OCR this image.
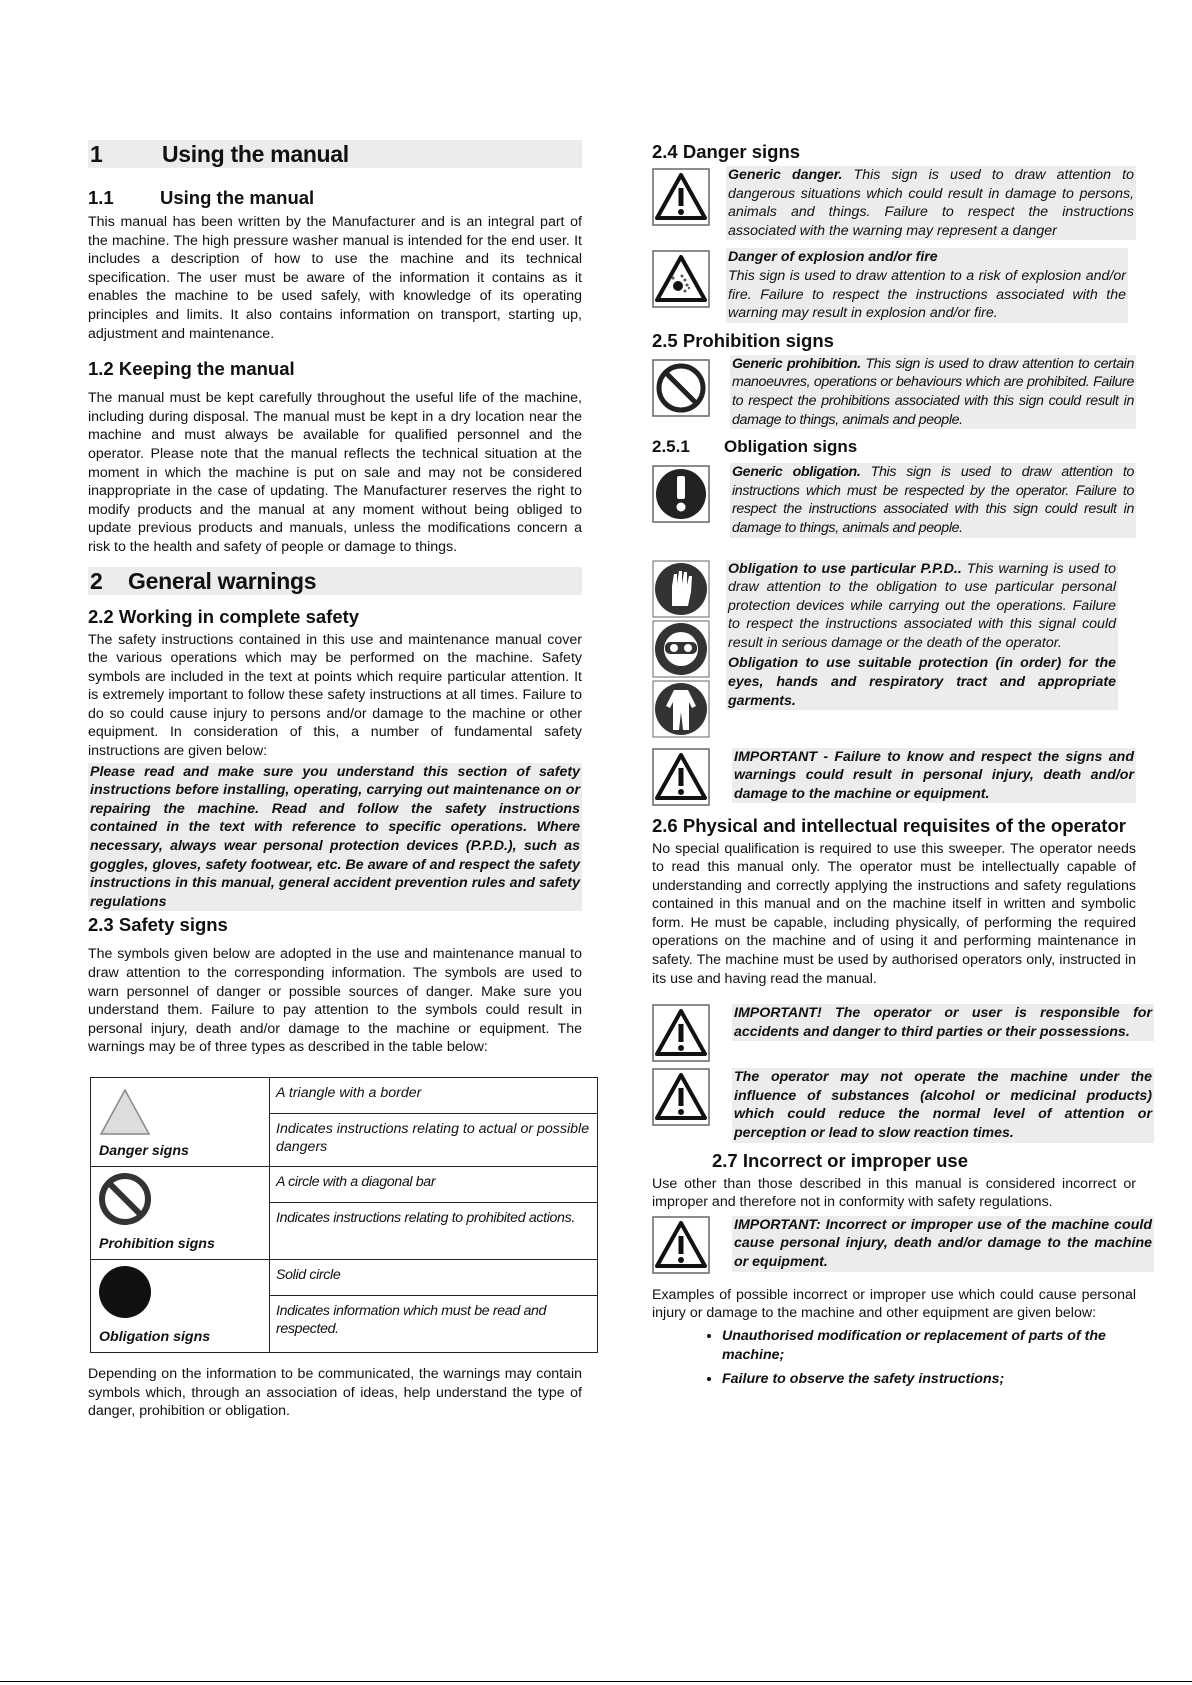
1	Using the manual
1.1	Using the manual

This manual has been written by the Manufacturer and is an integral part of the machine. The high pressure washer manual is intended for the end user. It includes a description of how to use the machine and its technical specification. The user must be aware of the information it contains as it enables the machine to be used safely, with knowledge of its operating principles and limits. It also contains information on transport, starting up, adjustment and maintenance.

1.2 Keeping the manual

The manual must be kept carefully throughout the useful life of the machine, including during disposal. The manual must be kept in a dry location near the machine and must always be available for qualified personnel and the operator. Please note that the manual reflects the technical situation at the moment in which the machine is put on sale and may not be considered inappropriate in the case of updating. The Manufacturer reserves the right to modify products and the manual at any moment without being obliged to update previous products and manuals, unless the modifications concern a risk to the health and safety of people or damage to things.

2 General warnings
2.2 Working in complete safety

The safety instructions contained in this use and maintenance manual cover the various operations which may be performed on the machine. Safety symbols are included in the text at points which require particular attention. It is extremely important to follow these safety instructions at all times. Failure to do so could cause injury to persons and/or damage to the machine or other equipment. In consideration of this, a number of fundamental safety instructions are given below:

Please read and make sure you understand this section of safety instructions before installing, operating, carrying out maintenance on or repairing the machine. Read and follow the safety instructions contained in the text with reference to specific operations. Where necessary, always wear personal protection devices (P.P.D.), such as goggles, gloves, safety footwear, etc. Be aware of and respect the safety instructions in this manual, general accident prevention rules and safety regulations
2.3 Safety signs

The symbols given below are adopted in the use and maintenance manual to draw attention to the corresponding information. The symbols are used to warn personnel of danger or possible sources of danger. Make sure you understand them. Failure to pay attention to the symbols could result in personal injury, death and/or damage to the machine or equipment. The warnings may be of three types as described in the table below:

Danger signs	A triangle with a border
	Indicates instructions relating to actual or possible dangers

Prohibition signs	A circle with a diagonal bar
	Indicates instructions relating to prohibited actions.

Obligation signs	Solid circle
	Indicates information which must be read and respected.

Depending on the information to be communicated, the warnings may contain symbols which, through an association of ideas, help understand the type of danger, prohibition or obligation.

2.4 Danger signs
Generic danger. This sign is used to draw attention to dangerous situations which could result in damage to persons, animals and things. Failure to respect the instructions associated with the warning may represent a danger
Danger of explosion and/or fire
This sign is used to draw attention to a risk of explosion and/or fire. Failure to respect the instructions associated with the warning may result in explosion and/or fire.
2.5 Prohibition signs
Generic prohibition. This sign is used to draw attention to certain manoeuvres, operations or behaviours which are prohibited. Failure to respect the prohibitions associated with this sign could result in damage to things, animals and people.
2.5.1 Obligation signs
Generic obligation. This sign is used to draw attention to instructions which must be respected by the operator. Failure to respect the instructions associated with this sign could result in damage to things, animals and people.
Obligation to use particular P.P.D.. This warning is used to draw attention to the obligation to use particular personal protection devices while carrying out the operations. Failure to respect the instructions associated with this signal could result in serious damage or the death of the operator.
Obligation to use suitable protection (in order) for the eyes, hands and respiratory tract and appropriate garments.
IMPORTANT - Failure to know and respect the signs and warnings could result in personal injury, death and/or damage to the machine or equipment.
2.6 Physical and intellectual requisites of the operator

No special qualification is required to use this sweeper. The operator needs to read this manual only. The operator must be intellectually capable of understanding and correctly applying the instructions and safety regulations contained in this manual and on the machine itself in written and symbolic form. He must be capable, including physically, of performing the required operations on the machine and of using it and performing maintenance in safety. The machine must be used by authorised operators only, instructed in its use and having read the manual.

IMPORTANT! The operator or user is responsible for accidents and danger to third parties or their possessions.
The operator may not operate the machine under the influence of substances (alcohol or medicinal products) which could reduce the normal level of attention or perception or lead to slow reaction times.
2.7 Incorrect or improper use

Use other than those described in this manual is considered incorrect or improper and therefore not in conformity with safety regulations.

IMPORTANT: Incorrect or improper use of the machine could cause personal injury, death and/or damage to the machine or equipment.

Examples of possible incorrect or improper use which could cause personal injury or damage to the machine and other equipment are given below:

• Unauthorised modification or replacement of parts of the machine;
• Failure to observe the safety instructions;
